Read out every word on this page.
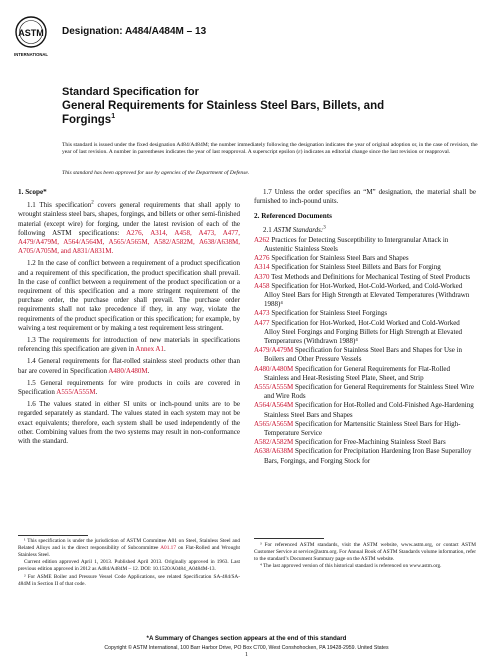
ASTM
INTERNATIONAL
Designation: A484/A484M – 13
Standard Specification for
General Requirements for Stainless Steel Bars, Billets, and
Forgings$^1$
This standard is issued under the fixed designation A484/A484M; the number immediately following the designation indicates the year of original adoption or, in the case of revision, the year of last revision. A number in parentheses indicates the year of last reapproval. A superscript epsilon (ε) indicates an editorial change since the last revision or reapproval.
This standard has been approved for use by agencies of the Department of Defense.
1. Scope*

1.1 This specification$^2$ covers general requirements that shall apply to wrought stainless steel bars, shapes, forgings, and billets or other semi-finished material (except wire) for forging, under the latest revision of each of the following ASTM specifications: A276, A314, A458, A473, A477, A479/A479M, A564/A564M, A565/A565M, A582/A582M, A638/A638M, A705/A705M, and A831/A831M.

1.2 In the case of conflict between a requirement of a product specification and a requirement of this specification, the product specification shall prevail. In the case of conflict between a requirement of the product specification or a requirement of this specification and a more stringent requirement of the purchase order, the purchase order shall prevail. The purchase order requirements shall not take precedence if they, in any way, violate the requirements of the product specification or this specification; for example, by waiving a test requirement or by making a test requirement less stringent.

1.3 The requirements for introduction of new materials in specifications referencing this specification are given in Annex A1.

1.4 General requirements for flat-rolled stainless steel products other than bar are covered in Specification A480/A480M.

1.5 General requirements for wire products in coils are covered in Specification A555/A555M.

1.6 The values stated in either SI units or inch-pound units are to be regarded separately as standard. The values stated in each system may not be exact equivalents; therefore, each system shall be used independently of the other. Combining values from the two systems may result in non-conformance with the standard.

1.7 Unless the order specifies an “M” designation, the material shall be furnished to inch-pound units.

2. Referenced Documents

2.1 ASTM Standards:$^3$

A262 Practices for Detecting Susceptibility to Intergranular Attack in Austenitic Stainless Steels
A276 Specification for Stainless Steel Bars and Shapes
A314 Specification for Stainless Steel Billets and Bars for Forging
A370 Test Methods and Definitions for Mechanical Testing of Steel Products
A458 Specification for Hot-Worked, Hot-Cold-Worked, and Cold-Worked Alloy Steel Bars for High Strength at Elevated Temperatures (Withdrawn 1988)⁴
A473 Specification for Stainless Steel Forgings
A477 Specification for Hot-Worked, Hot-Cold Worked and Cold-Worked Alloy Steel Forgings and Forging Billets for High Strength at Elevated Temperatures (Withdrawn 1988)⁴
A479/A479M Specification for Stainless Steel Bars and Shapes for Use in Boilers and Other Pressure Vessels
A480/A480M Specification for General Requirements for Flat-Rolled Stainless and Heat-Resisting Steel Plate, Sheet, and Strip
A555/A555M Specification for General Requirements for Stainless Steel Wire and Wire Rods
A564/A564M Specification for Hot-Rolled and Cold-Finished Age-Hardening Stainless Steel Bars and Shapes
A565/A565M Specification for Martensitic Stainless Steel Bars for High-Temperature Service
A582/A582M Specification for Free-Machining Stainless Steel Bars
A638/A638M Specification for Precipitation Hardening Iron Base Superalloy Bars, Forgings, and Forging Stock for

¹ This specification is under the jurisdiction of ASTM Committee A01 on Steel, Stainless Steel and Related Alloys and is the direct responsibility of Subcommittee A01.17 on Flat-Rolled and Wrought Stainless Steel.

Current edition approved April 1, 2013. Published April 2013. Originally approved in 1963. Last previous edition approved in 2012 as A484/A484M – 12. DOI: 10.1520/A0484_A0484M-13.

² For ASME Boiler and Pressure Vessel Code Applications, see related Specification SA-484/SA-484M in Section II of that code.

³ For referenced ASTM standards, visit the ASTM website, www.astm.org, or contact ASTM Customer Service at service@astm.org. For Annual Book of ASTM Standards volume information, refer to the standard’s Document Summary page on the ASTM website.

⁴ The last approved version of this historical standard is referenced on www.astm.org.

*A Summary of Changes section appears at the end of this standard
Copyright © ASTM International, 100 Barr Harbor Drive, PO Box C700, West Conshohocken, PA 19428-2959. United States
1
